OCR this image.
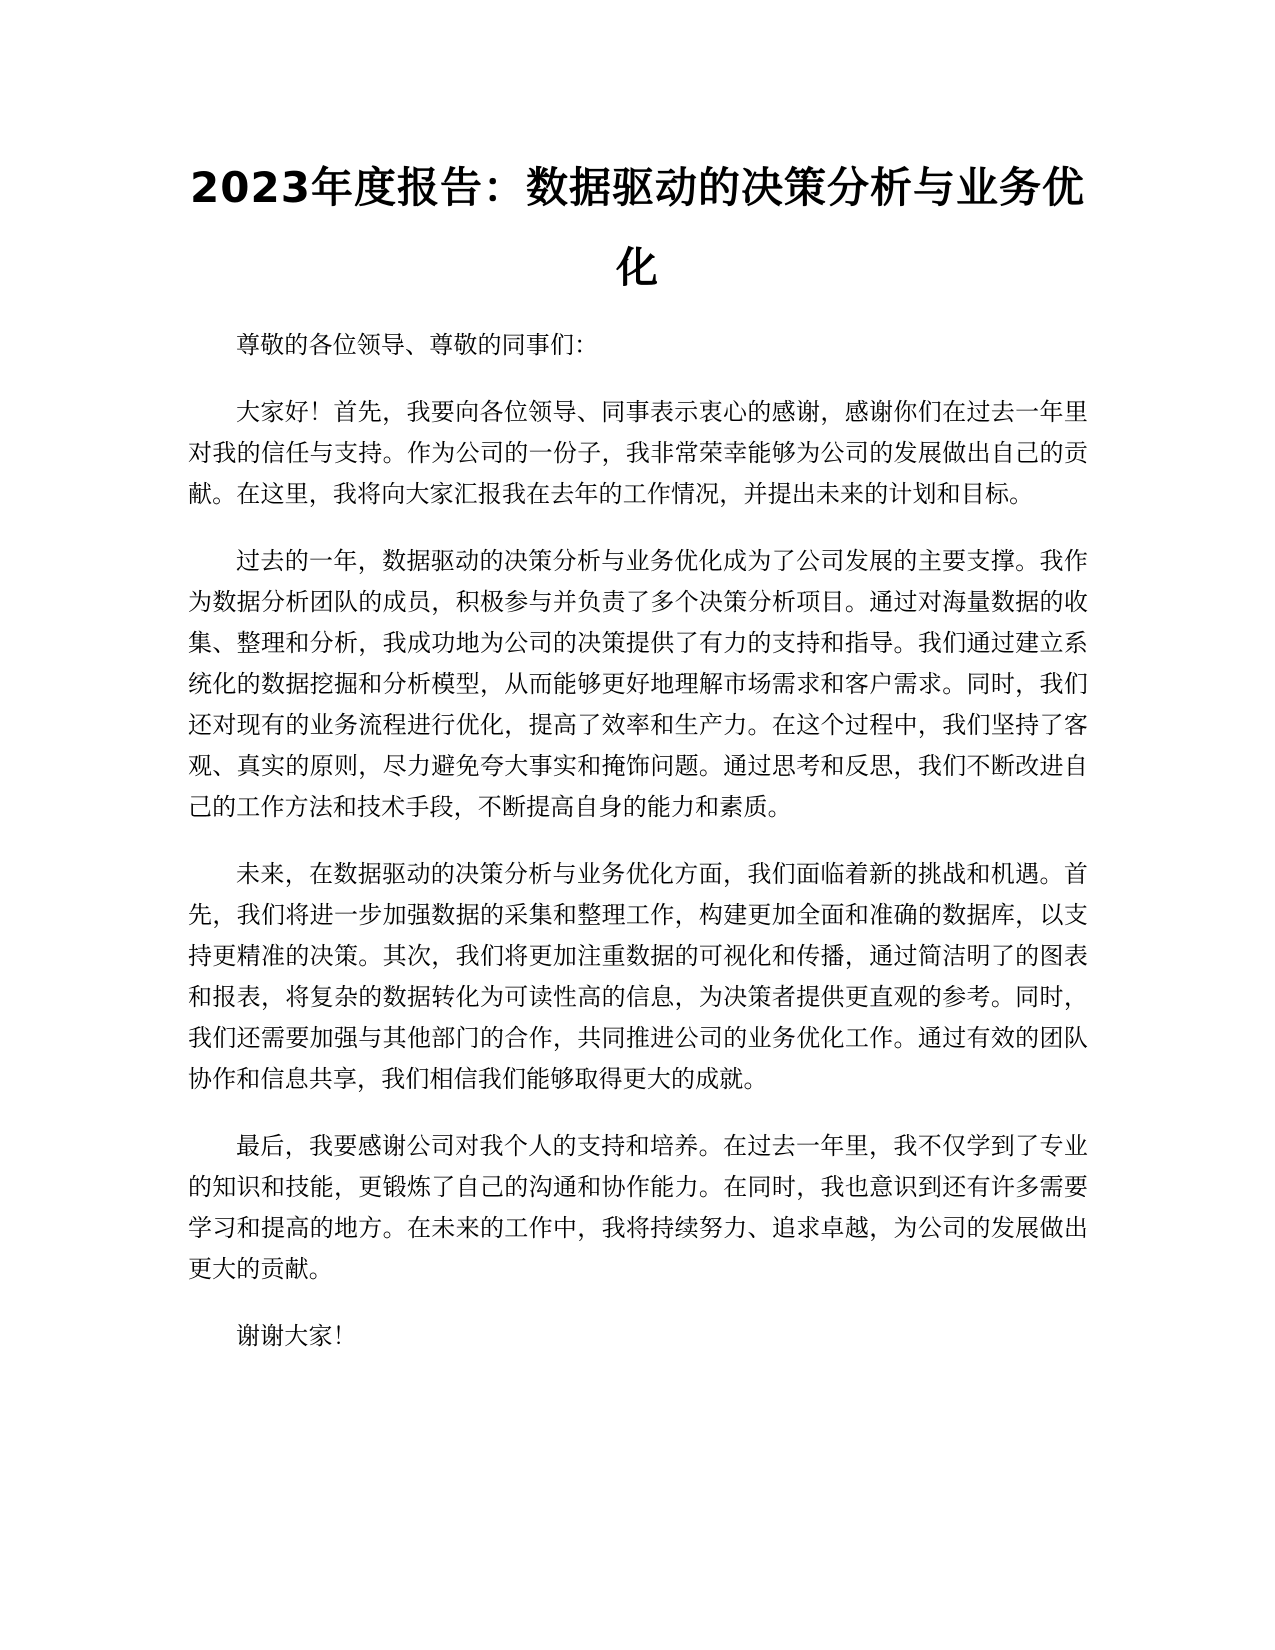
2023年度报告：数据驱动的决策分析与业务优化

尊敬的各位领导、尊敬的同事们：

大家好！首先，我要向各位领导、同事表示衷心的感谢，感谢你们在过去一年里对我的信任与支持。作为公司的一份子，我非常荣幸能够为公司的发展做出自己的贡献。在这里，我将向大家汇报我在去年的工作情况，并提出未来的计划和目标。

过去的一年，数据驱动的决策分析与业务优化成为了公司发展的主要支撑。我作为数据分析团队的成员，积极参与并负责了多个决策分析项目。通过对海量数据的收集、整理和分析，我成功地为公司的决策提供了有力的支持和指导。我们通过建立系统化的数据挖掘和分析模型，从而能够更好地理解市场需求和客户需求。同时，我们还对现有的业务流程进行优化，提高了效率和生产力。在这个过程中，我们坚持了客观、真实的原则，尽力避免夸大事实和掩饰问题。通过思考和反思，我们不断改进自己的工作方法和技术手段，不断提高自身的能力和素质。

未来，在数据驱动的决策分析与业务优化方面，我们面临着新的挑战和机遇。首先，我们将进一步加强数据的采集和整理工作，构建更加全面和准确的数据库，以支持更精准的决策。其次，我们将更加注重数据的可视化和传播，通过简洁明了的图表和报表，将复杂的数据转化为可读性高的信息，为决策者提供更直观的参考。同时，我们还需要加强与其他部门的合作，共同推进公司的业务优化工作。通过有效的团队协作和信息共享，我们相信我们能够取得更大的成就。

最后，我要感谢公司对我个人的支持和培养。在过去一年里，我不仅学到了专业的知识和技能，更锻炼了自己的沟通和协作能力。在同时，我也意识到还有许多需要学习和提高的地方。在未来的工作中，我将持续努力、追求卓越，为公司的发展做出更大的贡献。

谢谢大家！
